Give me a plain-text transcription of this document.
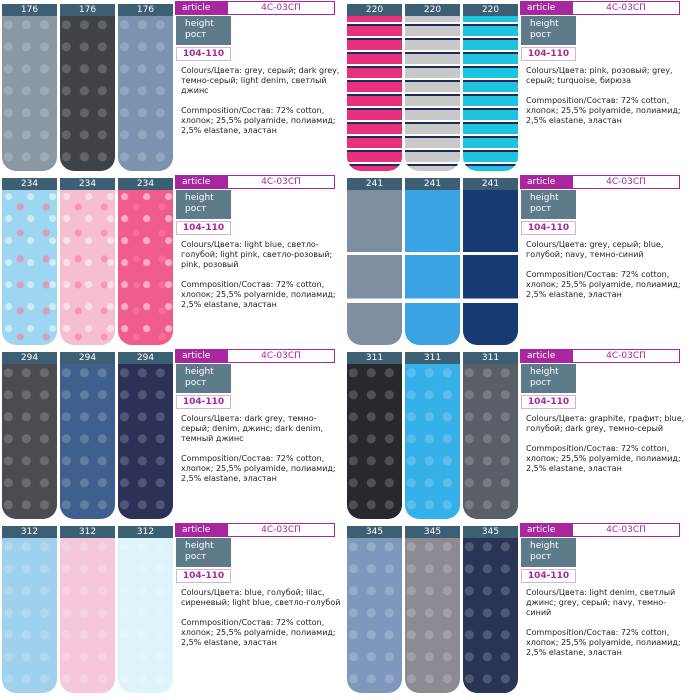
176	176	176	article	4C-03СП
height
рост
104-110

Colours/Цвета: grey, серый; dark grey, темно-серый; light denim, светлый джинс

Commposition/Состав: 72% cotton, хлопок; 25,5% polyamide, полиамид; 2,5% elastane, эластан

220	220	220	article	4C-03СП
height
рост
104-110

Colours/Цвета: pink, розовый; grey, серый; turquoise, бирюза

Commposition/Состав: 72% cotton, хлопок; 25,5% polyamide, полиамид; 2,5% elastane, эластан

234	234	234	article	4C-03СП
height
рост
104-110

Colours/Цвета: light blue, светло-голубой; light pink, светло-розовый; pink, розовый

Commposition/Состав: 72% cotton, хлопок; 25,5% polyamide, полиамид; 2,5% elastane, эластан

241	241	241	article	4C-03СП
height
рост
104-110

Colours/Цвета: grey, серый; blue, голубой; navy, темно-синий

Commposition/Состав: 72% cotton, хлопок; 25,5% polyamide, полиамид; 2,5% elastane, эластан

294	294	294	article	4C-03СП
height
рост
104-110

Colours/Цвета: dark grey, темно-серый; denim, джинс; dark denim, темный джинс

Commposition/Состав: 72% cotton, хлопок; 25,5% polyamide, полиамид; 2,5% elastane, эластан

311	311	311	article	4C-03СП
height
рост
104-110

Colours/Цвета: graphite, графит; blue, голубой; dark grey, темно-серый

Commposition/Состав: 72% cotton, хлопок; 25,5% polyamide, полиамид; 2,5% elastane, эластан

312	312	312	article	4C-03СП
height
рост
104-110

Colours/Цвета: blue, голубой; lilac, сиреневый; light blue, светло-голубой

Commposition/Состав: 72% cotton, хлопок; 25,5% polyamide, полиамид; 2,5% elastane, эластан

345	345	345	article	4C-03СП
height
рост
104-110

Colours/Цвета: light denim, светлый джинс; grey, серый; navy, темно-синий

Commposition/Состав: 72% cotton, хлопок; 25,5% polyamide, полиамид; 2,5% elastane, эластан
